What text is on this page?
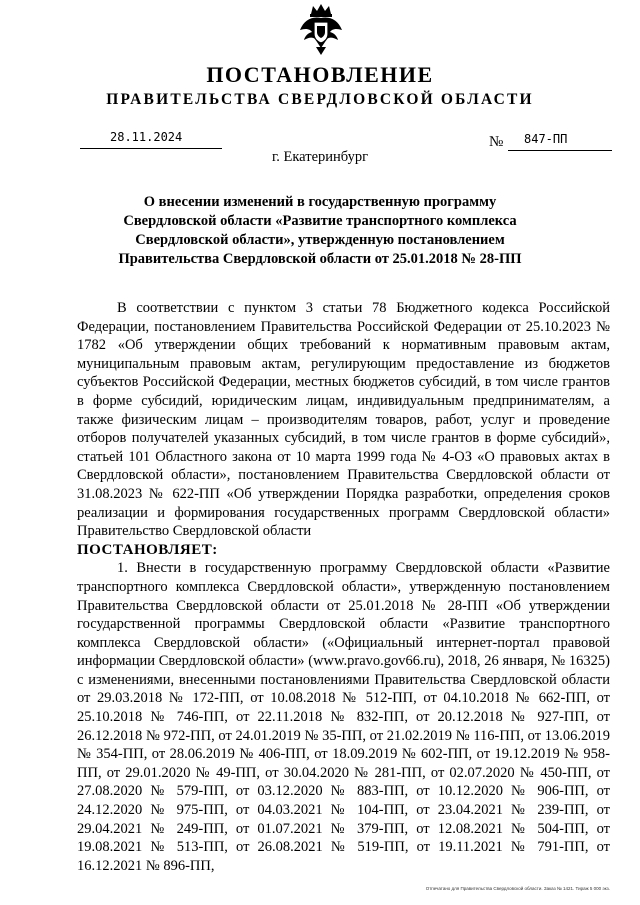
ПОСТАНОВЛЕНИЕ
ПРАВИТЕЛЬСТВА СВЕРДЛОВСКОЙ ОБЛАСТИ
28.11.2024	№ 847-ПП
г. Екатеринбург
О внесении изменений в государственную программу Свердловской области «Развитие транспортного комплекса Свердловской области», утвержденную постановлением Правительства Свердловской области от 25.01.2018 № 28-ПП

В соответствии с пунктом 3 статьи 78 Бюджетного кодекса Российской Федерации, постановлением Правительства Российской Федерации от 25.10.2023 № 1782 «Об утверждении общих требований к нормативным правовым актам, муниципальным правовым актам, регулирующим предоставление из бюджетов субъектов Российской Федерации, местных бюджетов субсидий, в том числе грантов в форме субсидий, юридическим лицам, индивидуальным предпринимателям, а также физическим лицам – производителям товаров, работ, услуг и проведение отборов получателей указанных субсидий, в том числе грантов в форме субсидий», статьей 101 Областного закона от 10 марта 1999 года № 4-ОЗ «О правовых актах в Свердловской области», постановлением Правительства Свердловской области от 31.08.2023 № 622-ПП «Об утверждении Порядка разработки, определения сроков реализации и формирования государственных программ Свердловской области» Правительство Свердловской области

ПОСТАНОВЛЯЕТ:

1. Внести в государственную программу Свердловской области «Развитие транспортного комплекса Свердловской области», утвержденную постановлением Правительства Свердловской области от 25.01.2018 № 28-ПП «Об утверждении государственной программы Свердловской области «Развитие транспортного комплекса Свердловской области» («Официальный интернет-портал правовой информации Свердловской области» (www.pravo.gov66.ru), 2018, 26 января, № 16325) с изменениями, внесенными постановлениями Правительства Свердловской области от 29.03.2018 № 172-ПП, от 10.08.2018 № 512-ПП, от 04.10.2018 № 662-ПП, от 25.10.2018 № 746-ПП, от 22.11.2018 № 832-ПП, от 20.12.2018 № 927-ПП, от 26.12.2018 № 972-ПП, от 24.01.2019 № 35-ПП, от 21.02.2019 № 116-ПП, от 13.06.2019 № 354-ПП, от 28.06.2019 № 406-ПП, от 18.09.2019 № 602-ПП, от 19.12.2019 № 958-ПП, от 29.01.2020 № 49-ПП, от 30.04.2020 № 281-ПП, от 02.07.2020 № 450-ПП, от 27.08.2020 № 579-ПП, от 03.12.2020 № 883-ПП, от 10.12.2020 № 906-ПП, от 24.12.2020 № 975-ПП, от 04.03.2021 № 104-ПП, от 23.04.2021 № 239-ПП, от 29.04.2021 № 249-ПП, от 01.07.2021 № 379-ПП, от 12.08.2021 № 504-ПП, от 19.08.2021 № 513-ПП, от 26.08.2021 № 519-ПП, от 19.11.2021 № 791-ПП, от 16.12.2021 № 896-ПП,

Отпечатано для Правительства Свердловской области. Заказ № 1421. Тираж 5 000 экз.
